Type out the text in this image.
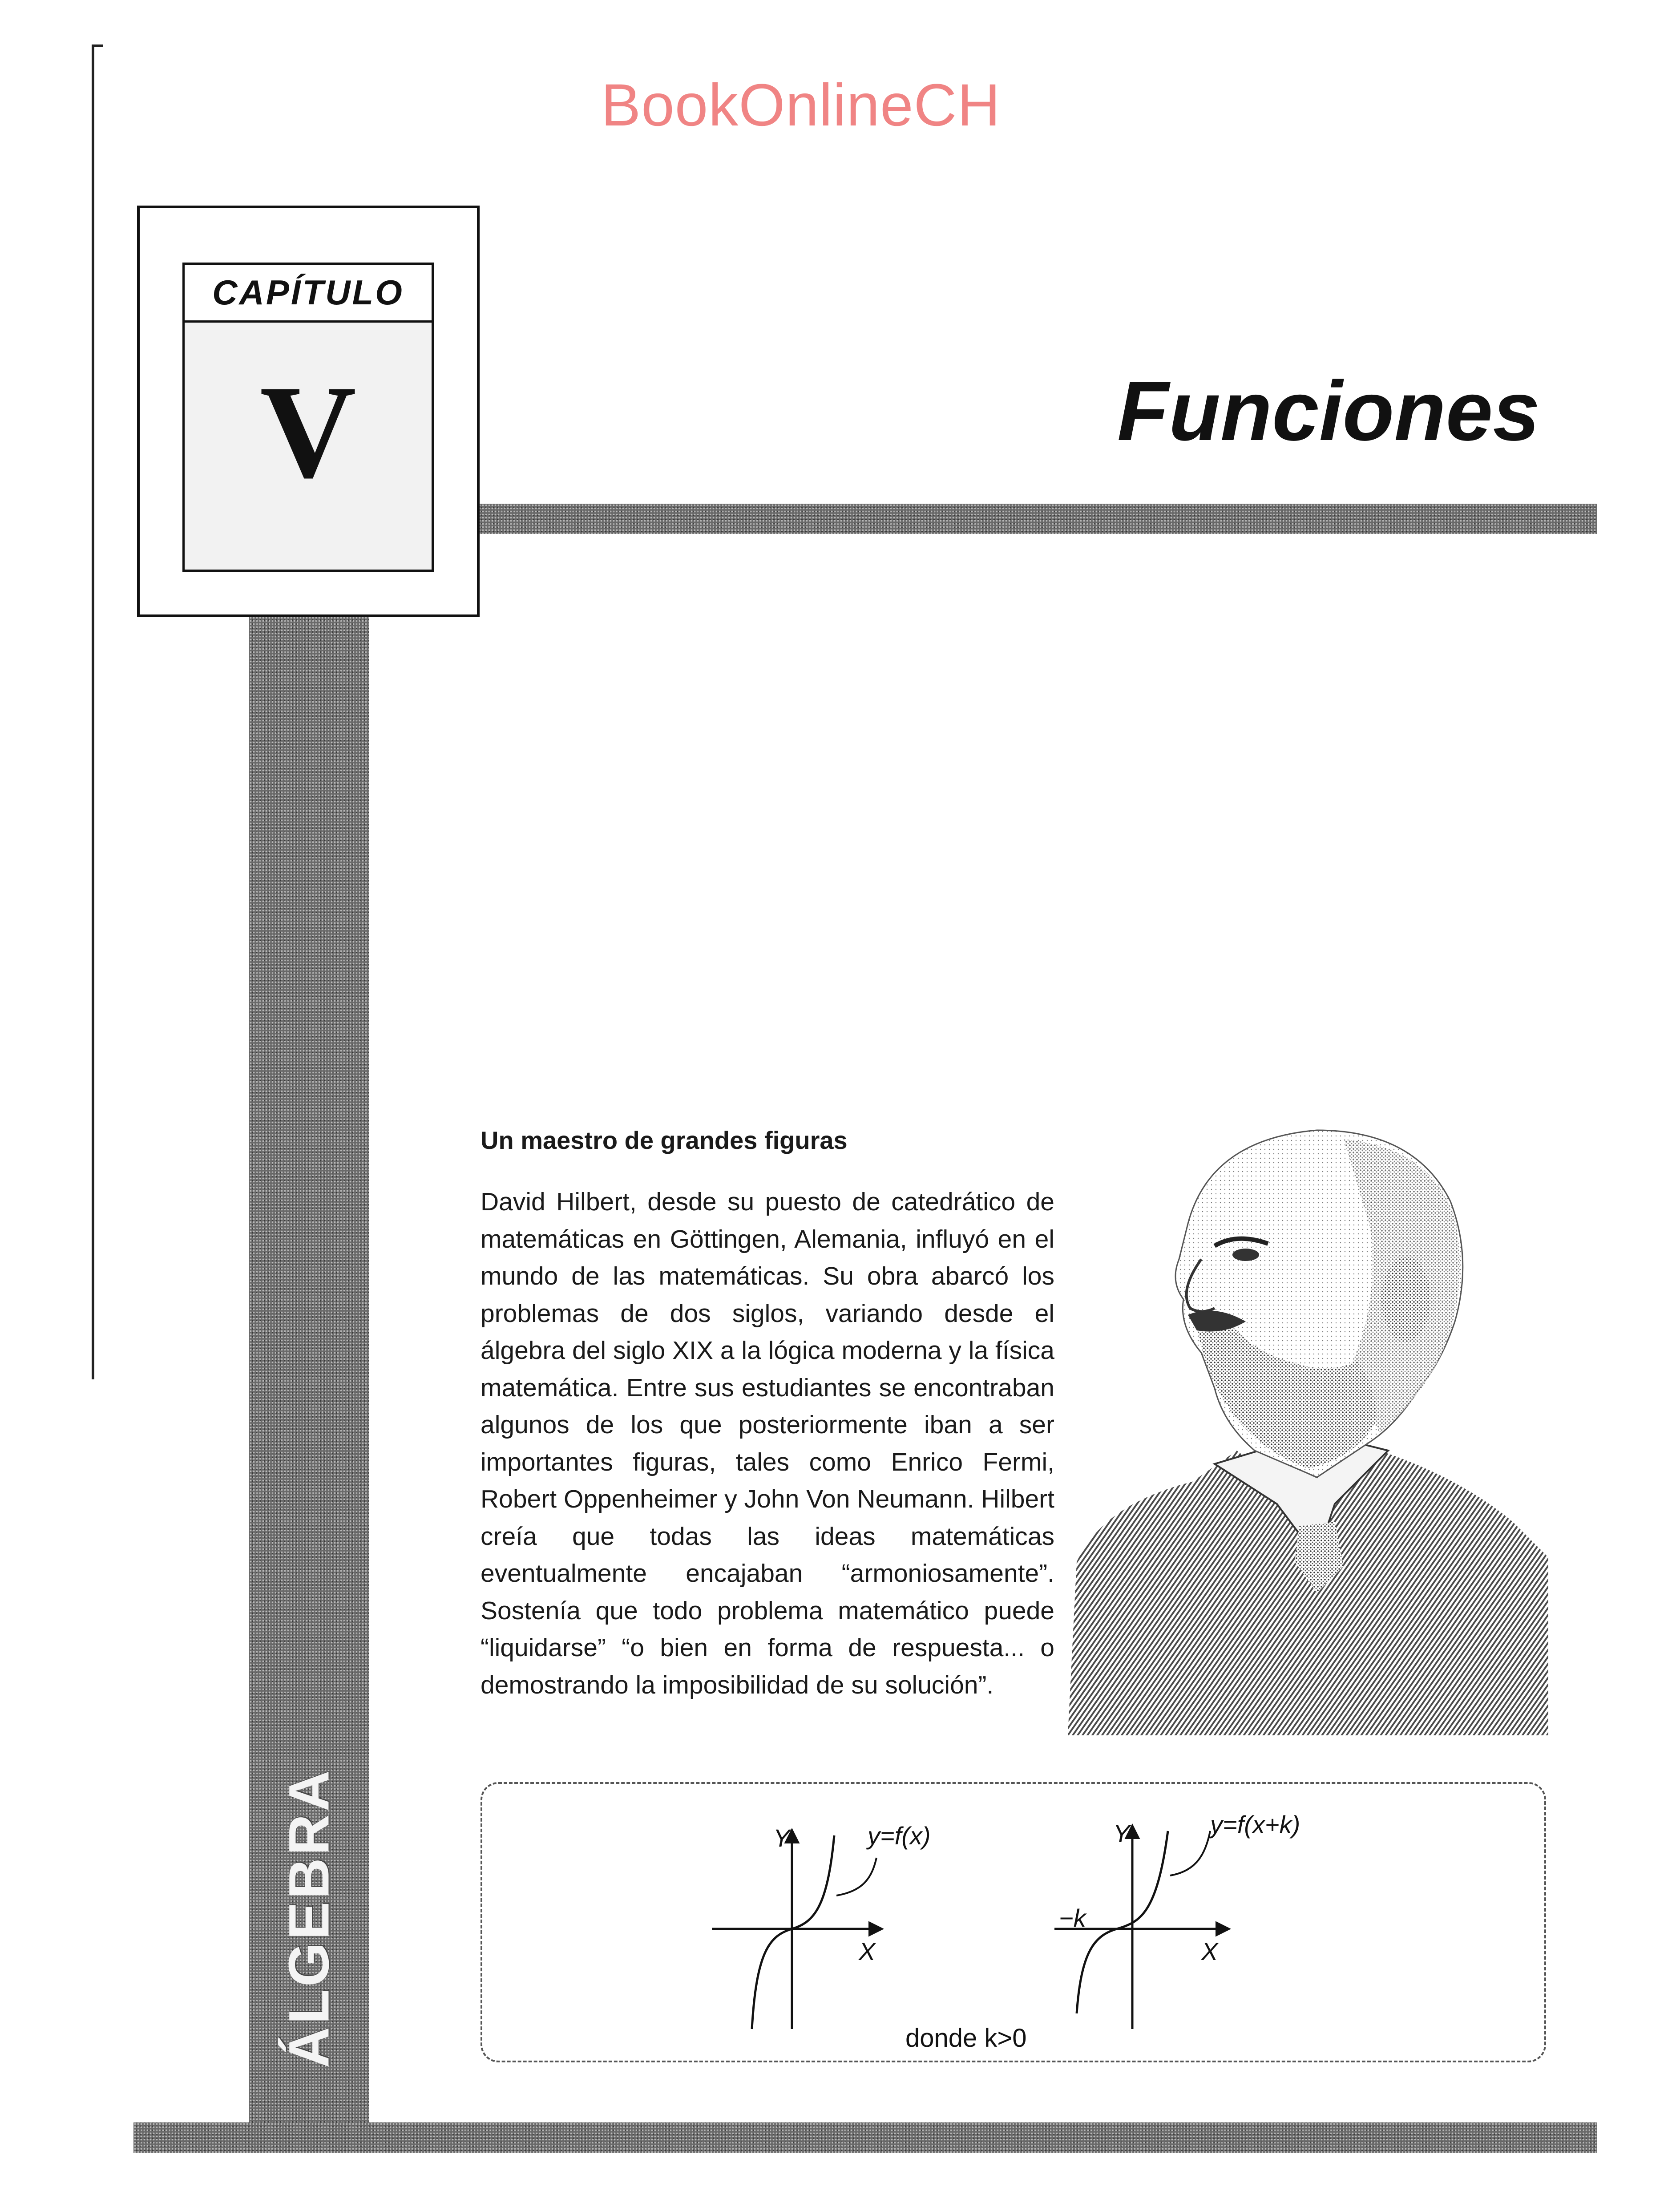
BookOnlineCH
CAPÍTULO
V	Funciones
ÁLGEBRA
Un maestro de grandes figuras
David Hilbert, desde su puesto de catedrático de matemáticas en Göttingen, Alemania, influyó en el mundo de las matemáticas. Su obra abarcó los problemas de dos siglos, variando desde el álgebra del siglo XIX a la lógica moderna y la física matemática. Entre sus estudiantes se encontraban algunos de los que posteriormente iban a ser importantes figuras, tales como Enrico Fermi, Robert Oppenheimer y John Von Neumann. Hilbert creía que todas las ideas matemáticas eventualmente encajaban “armoniosamente”. Sostenía que todo problema matemático puede “liquidarse” “o bien en forma de respuesta... o demostrando la imposibilidad de su solución”.
Y
X
y=f(x)	Y
X
y=f(x+k)
−k
donde k>0
